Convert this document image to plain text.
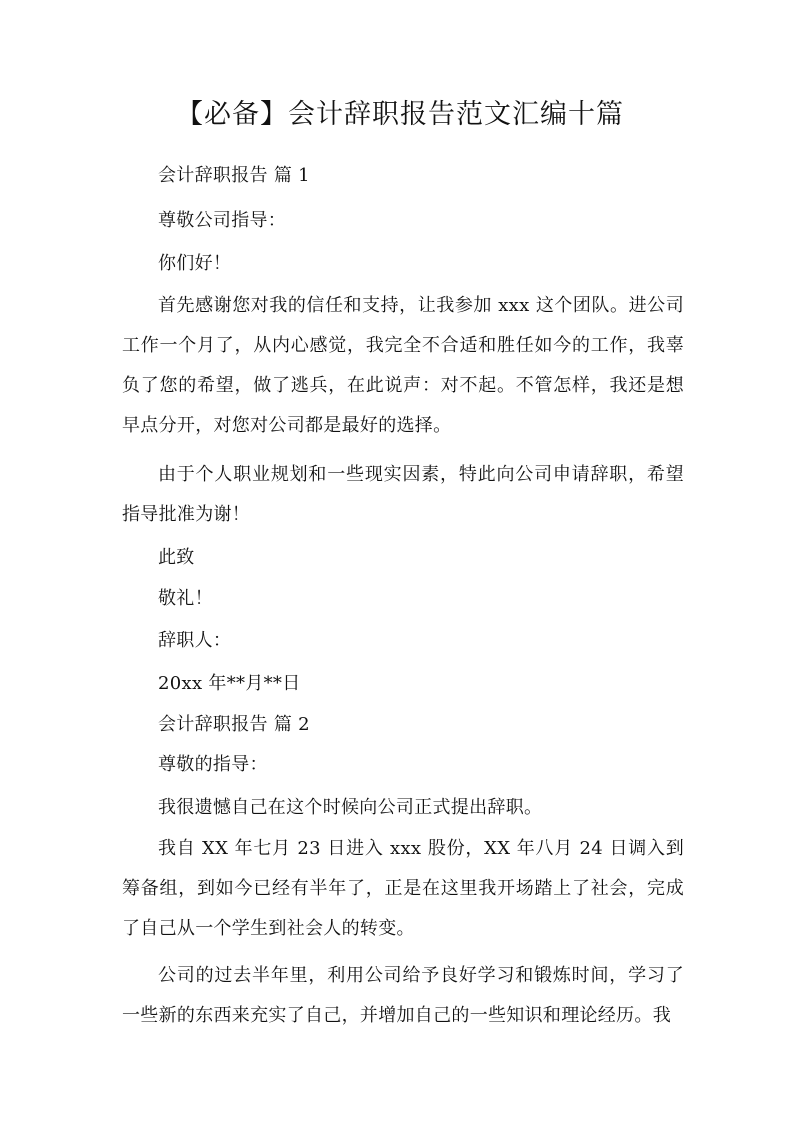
【必备】会计辞职报告范文汇编十篇

会计辞职报告 篇 1

尊敬公司指导：

你们好！

首先感谢您对我的信任和支持，让我参加 xxx 这个团队。进公司工作一个月了，从内心感觉，我完全不合适和胜任如今的工作，我辜负了您的希望，做了逃兵，在此说声：对不起。不管怎样，我还是想早点分开，对您对公司都是最好的选择。

由于个人职业规划和一些现实因素，特此向公司申请辞职，希望指导批准为谢！

此致

敬礼！

辞职人：

20xx 年**月**日

会计辞职报告 篇 2

尊敬的指导：

我很遗憾自己在这个时候向公司正式提出辞职。

我自 XX 年七月 23 日进入 xxx 股份，XX 年八月 24 日调入到筹备组，到如今已经有半年了，正是在这里我开场踏上了社会，完成了自己从一个学生到社会人的转变。

公司的过去半年里，利用公司给予良好学习和锻炼时间，学习了一些新的东西来充实了自己，并增加自己的一些知识和理论经历。我
